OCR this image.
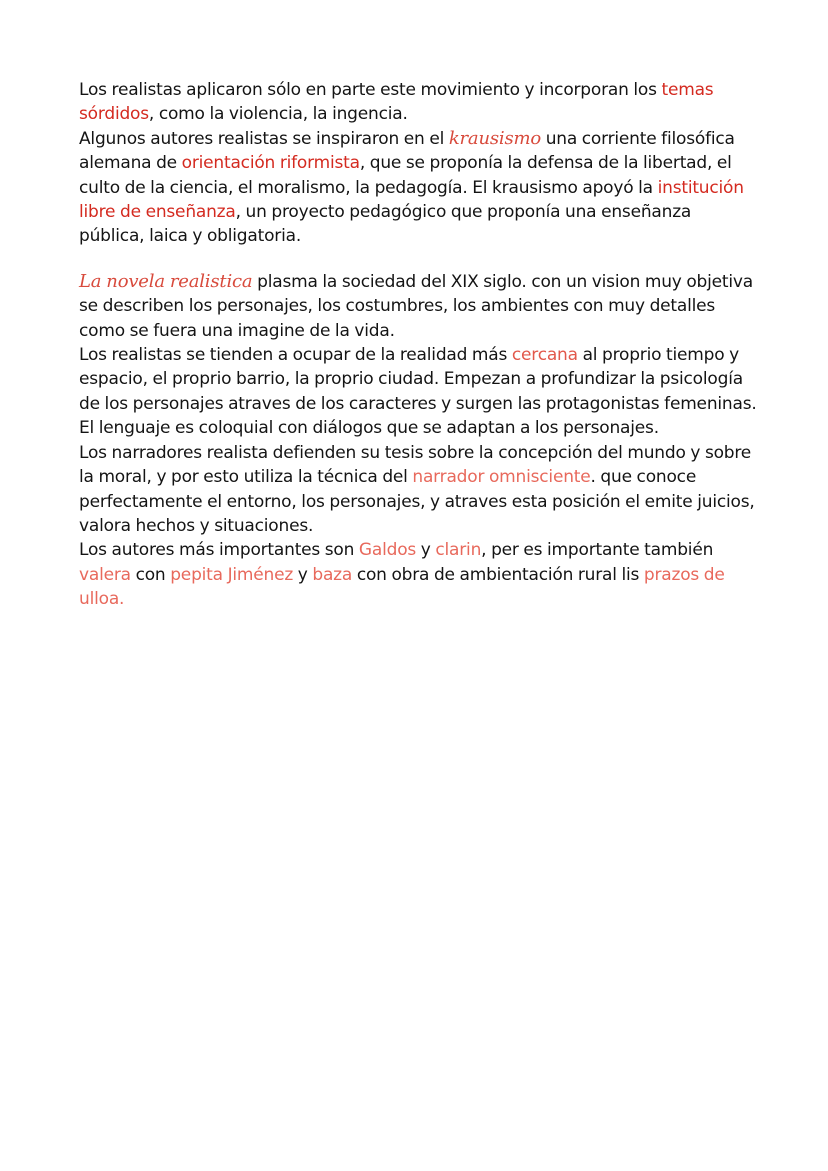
Los realistas aplicaron sólo en parte este movimiento y incorporan los temas sórdidos, como la violencia, la ingencia.

Algunos autores realistas se inspiraron en el krausismo una corriente filosófica alemana de orientación riformista, que se proponía la defensa de la libertad, el culto de la ciencia, el moralismo, la pedagogía. El krausismo apoyó la institución libre de enseñanza, un proyecto pedagógico que proponía una enseñanza pública, laica y obligatoria.

La novela realistica plasma la sociedad del XIX siglo. con un vision muy objetiva se describen los personajes, los costumbres, los ambientes con muy detalles como se fuera una imagine de la vida.
Los realistas se tienden a ocupar de la realidad más cercana al proprio tiempo y espacio, el proprio barrio, la proprio ciudad. Empezan a profundizar la psicología de los personajes atraves de los caracteres y surgen las protagonistas femeninas. El lenguaje es coloquial con diálogos que se adaptan a los personajes.
Los narradores realista defienden su tesis sobre la concepción del mundo y sobre la moral, y por esto utiliza la técnica del narrador omnisciente. que conoce perfectamente el entorno, los personajes, y atraves esta posición el emite juicios, valora hechos y situaciones.
Los autores más importantes son Galdos y clarin, per es importante también valera con pepita Jiménez y baza con obra de ambientación rural lis prazos de ulloa.
